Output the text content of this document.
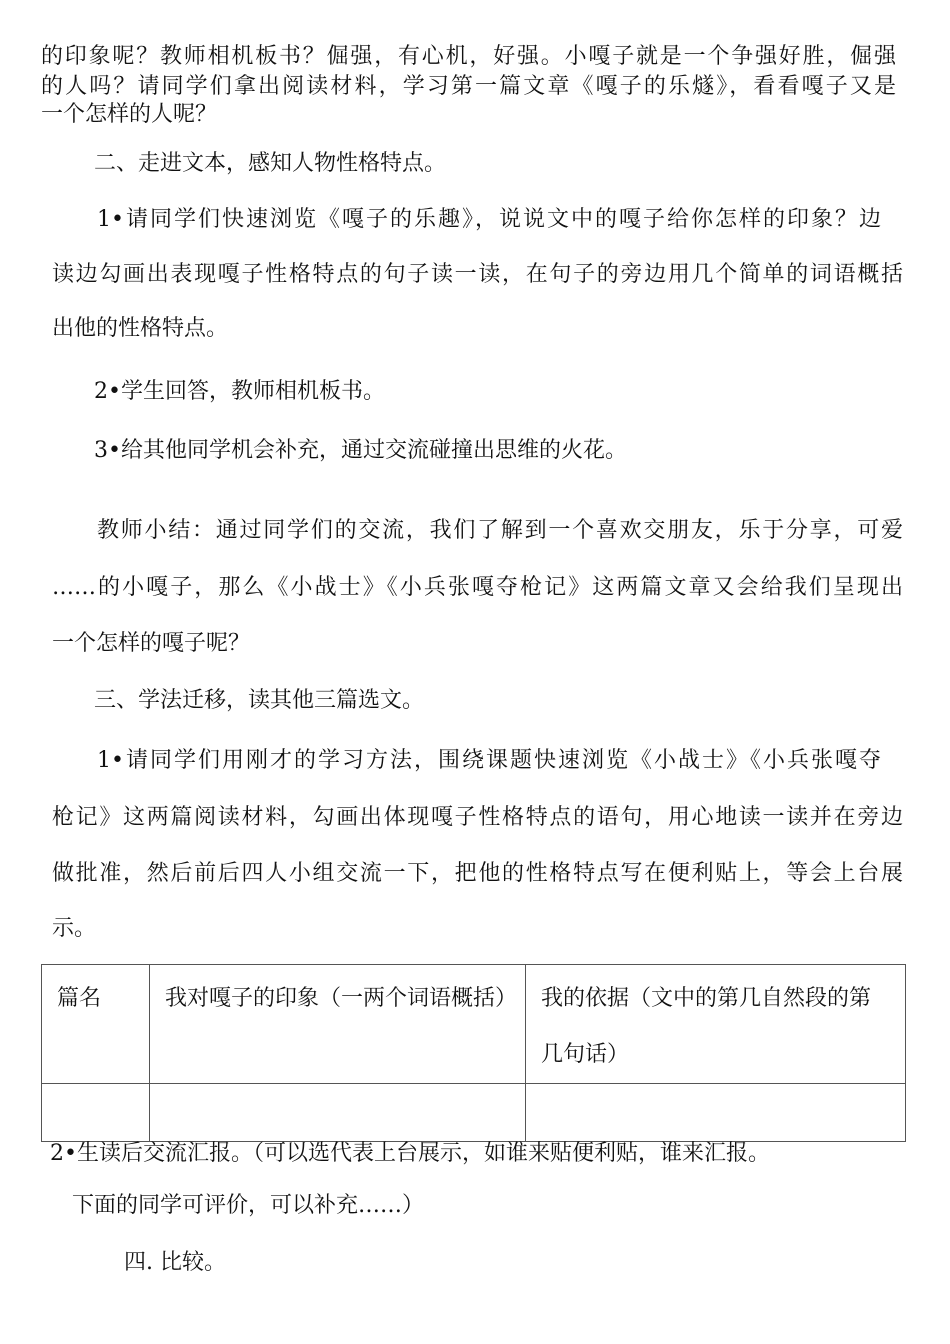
的印象呢？教师相机板书？倔强，有心机，好强。小嘎子就是一个争强好胜，倔强
的人吗？请同学们拿出阅读材料，学习第一篇文章《嘎子的乐燧》，看看嘎子又是
一个怎样的人呢？
二、走进文本，感知人物性格特点。
1•请同学们快速浏览《嘎子的乐趣》，说说文中的嘎子给你怎样的印象？边
读边勾画出表现嘎子性格特点的句子读一读，在句子的旁边用几个简单的词语概括
出他的性格特点。
2•学生回答，教师相机板书。
3•给其他同学机会补充，通过交流碰撞出思维的火花。
教师小结：通过同学们的交流，我们了解到一个喜欢交朋友，乐于分享，可爱
……的小嘎子，那么《小战士》《小兵张嘎夺枪记》这两篇文章又会给我们呈现出
一个怎样的嘎子呢？
三、学法迁移，读其他三篇选文。
1•请同学们用刚才的学习方法，围绕课题快速浏览《小战士》《小兵张嘎夺
枪记》这两篇阅读材料，勾画出体现嘎子性格特点的语句，用心地读一读并在旁边
做批准，然后前后四人小组交流一下，把他的性格特点写在便利贴上，等会上台展
示。
篇名	我对嘎子的印象（一两个词语概括）	我的依据（文中的第几自然段的第几句话）

2•生读后交流汇报。（可以选代表上台展示，如谁来贴便利贴，谁来汇报。
下面的同学可评价，可以补充……）
四. 比较。
